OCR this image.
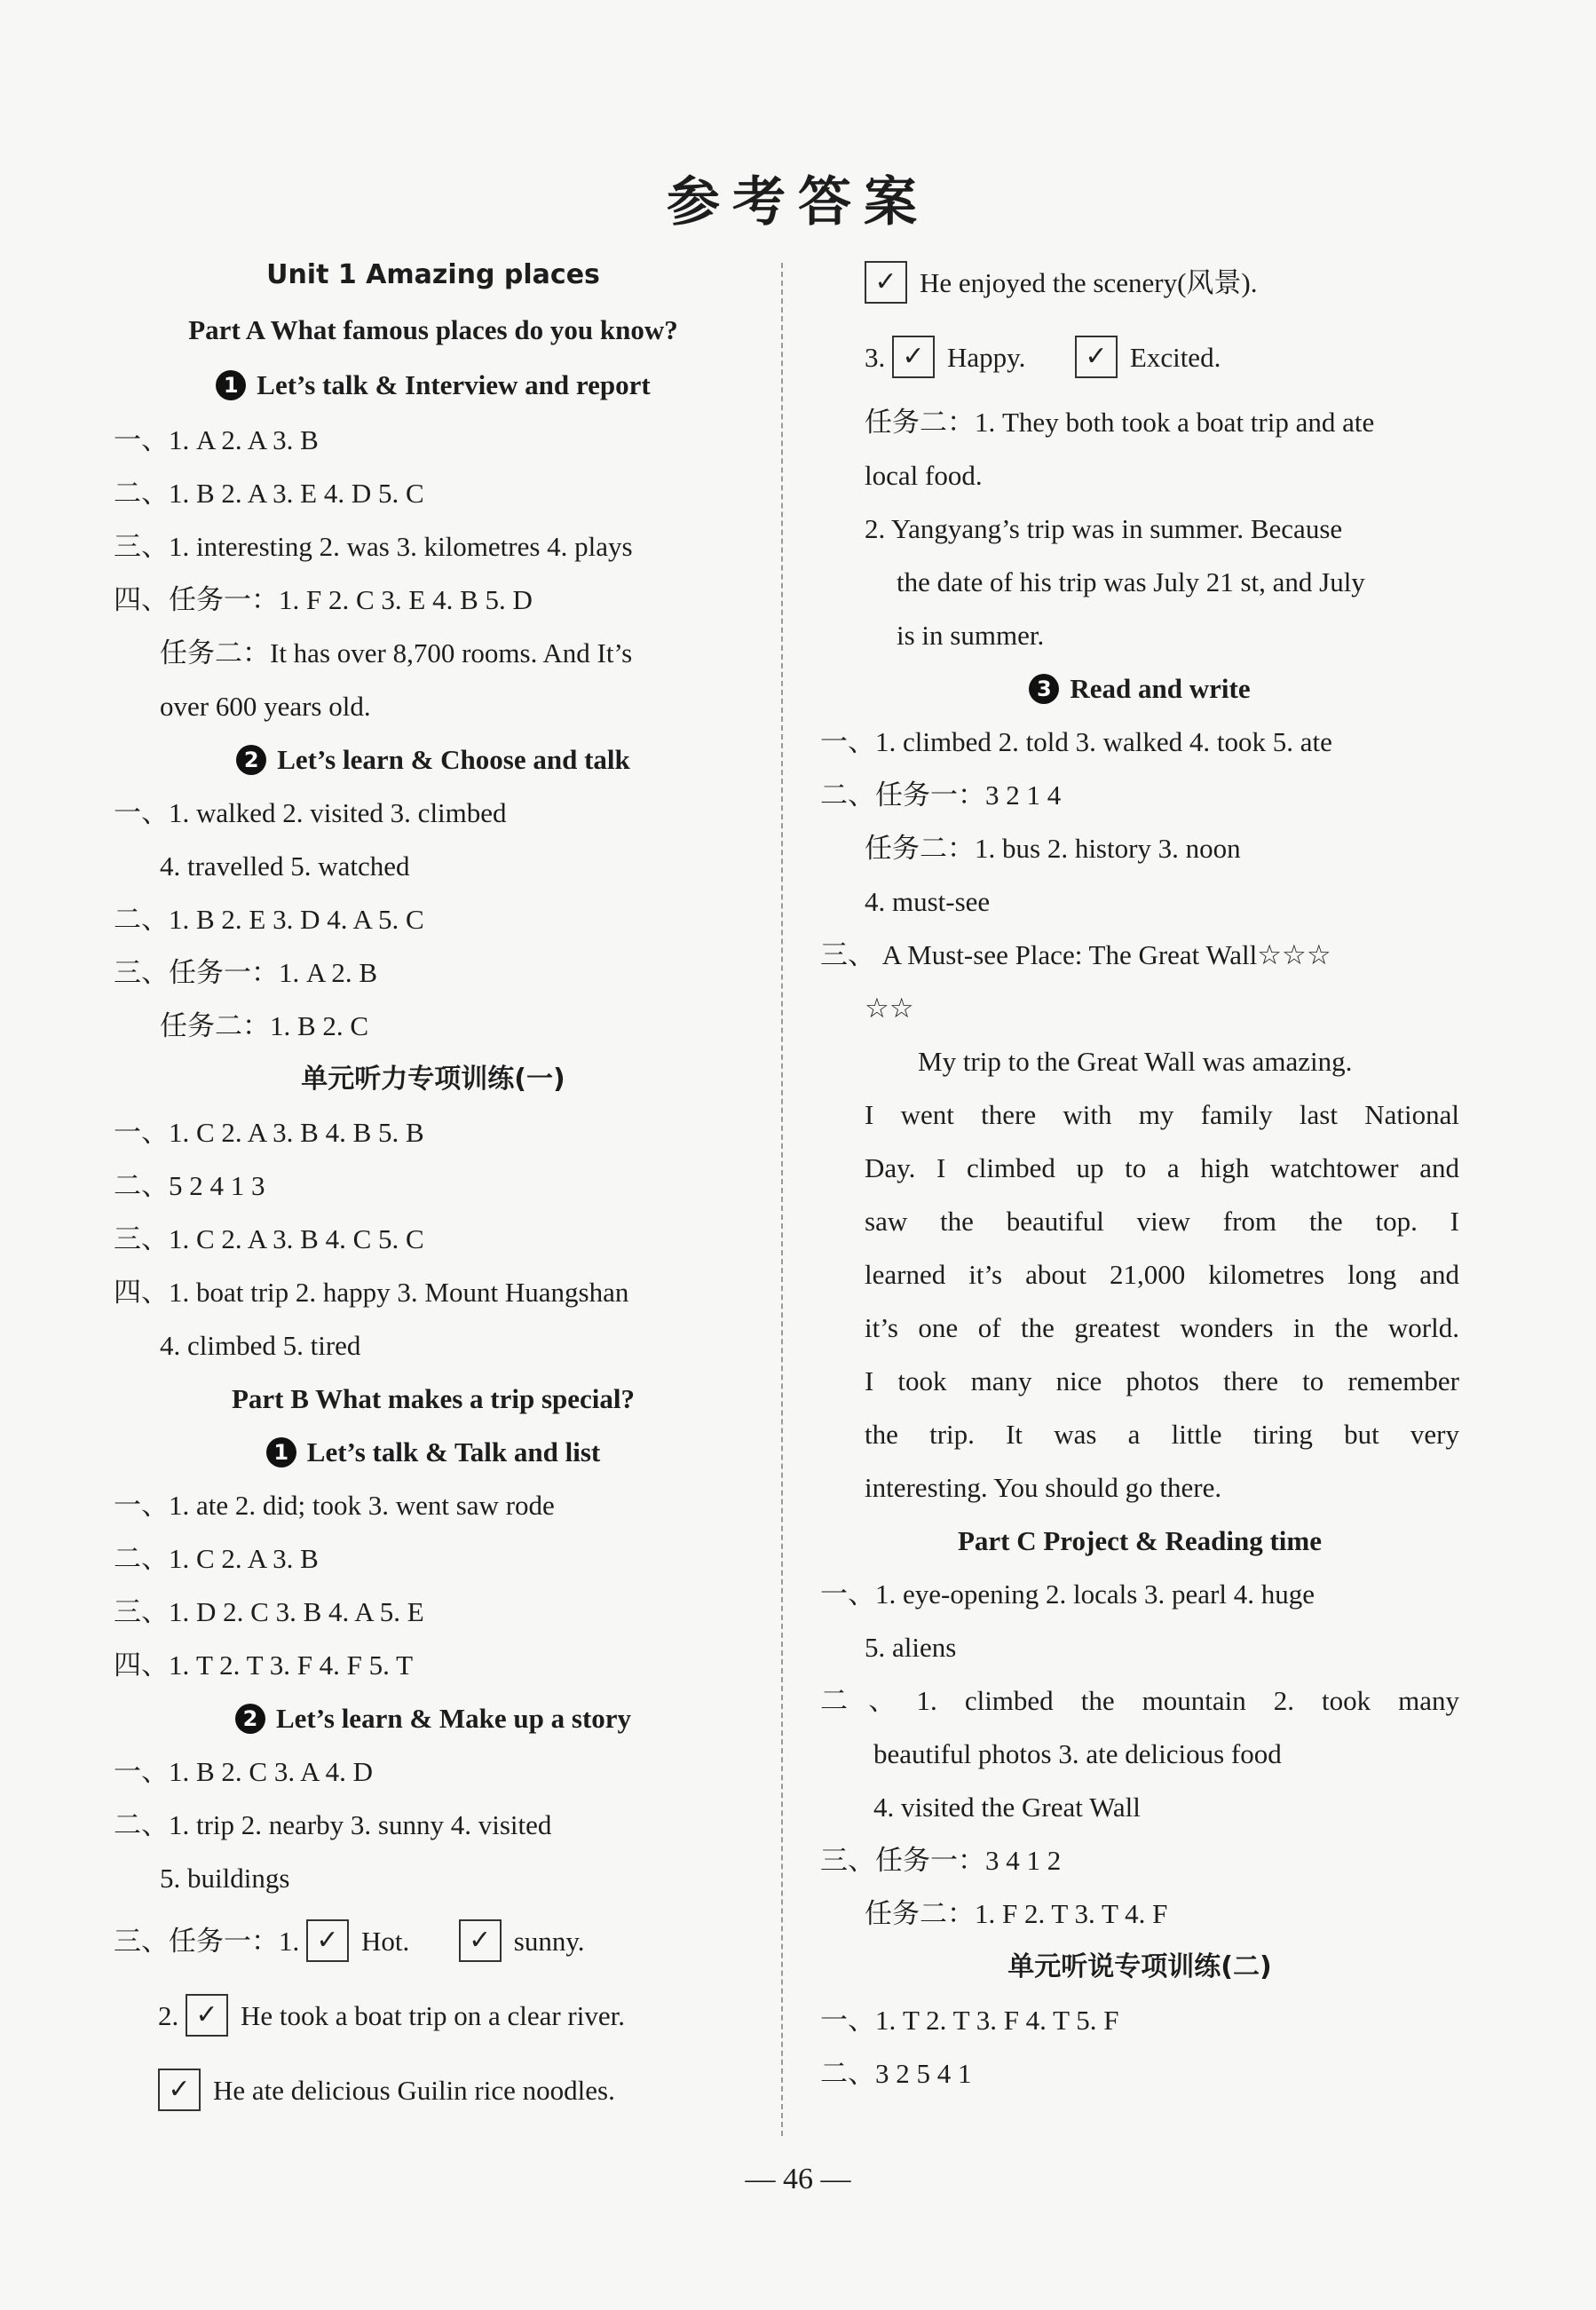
参考答案
Unit 1 Amazing places
Part A What famous places do you know?
1 Let’s talk & Interview and report
一、1. A 2. A 3. B
二、1. B 2. A 3. E 4. D 5. C
三、1. interesting 2. was 3. kilometres 4. plays
四、任务一：1. F 2. C 3. E 4. B 5. D
任务二：It has over 8,700 rooms. And It’s
over 600 years old.
2 Let’s learn & Choose and talk
一、1. walked 2. visited 3. climbed
4. travelled 5. watched
二、1. B 2. E 3. D 4. A 5. C
三、任务一：1. A 2. B
任务二：1. B 2. C
单元听力专项训练(一)
一、1. C 2. A 3. B 4. B 5. B
二、5 2 4 1 3
三、1. C 2. A 3. B 4. C 5. C
四、1. boat trip 2. happy 3. Mount Huangshan
4. climbed 5. tired
Part B What makes a trip special?
1 Let’s talk & Talk and list
一、1. ate 2. did; took 3. went saw rode
二、1. C 2. A 3. B
三、1. D 2. C 3. B 4. A 5. E
四、1. T 2. T 3. F 4. F 5. T
2 Let’s learn & Make up a story
一、1. B 2. C 3. A 4. D
二、1. trip 2. nearby 3. sunny 4. visited
5. buildings
三、任务一：1. ✓ Hot. ✓ sunny.
2. ✓ He took a boat trip on a clear river.
✓ He ate delicious Guilin rice noodles.
✓ He enjoyed the scenery(风景).
3. ✓ Happy. ✓ Excited.
任务二：1. They both took a boat trip and ate
local food.
2. Yangyang’s trip was in summer. Because
the date of his trip was July 21 st, and July
is in summer.
3 Read and write
一、1. climbed 2. told 3. walked 4. took 5. ate
二、任务一：3 2 1 4
任务二：1. bus 2. history 3. noon
4. must-see
三、 A Must-see Place: The Great Wall☆☆☆
☆☆
My trip to the Great Wall was amazing.
I went there with my family last National
Day. I climbed up to a high watchtower and
saw the beautiful view from the top. I
learned it’s about 21,000 kilometres long and
it’s one of the greatest wonders in the world.
I took many nice photos there to remember
the trip. It was a little tiring but very
interesting. You should go there.
Part C Project & Reading time
一、1. eye-opening 2. locals 3. pearl 4. huge
5. aliens
二、1. climbed the mountain 2. took many
beautiful photos 3. ate delicious food
4. visited the Great Wall
三、任务一：3 4 1 2
任务二：1. F 2. T 3. T 4. F
单元听说专项训练(二)
一、1. T 2. T 3. F 4. T 5. F
二、3 2 5 4 1
— 46 —
